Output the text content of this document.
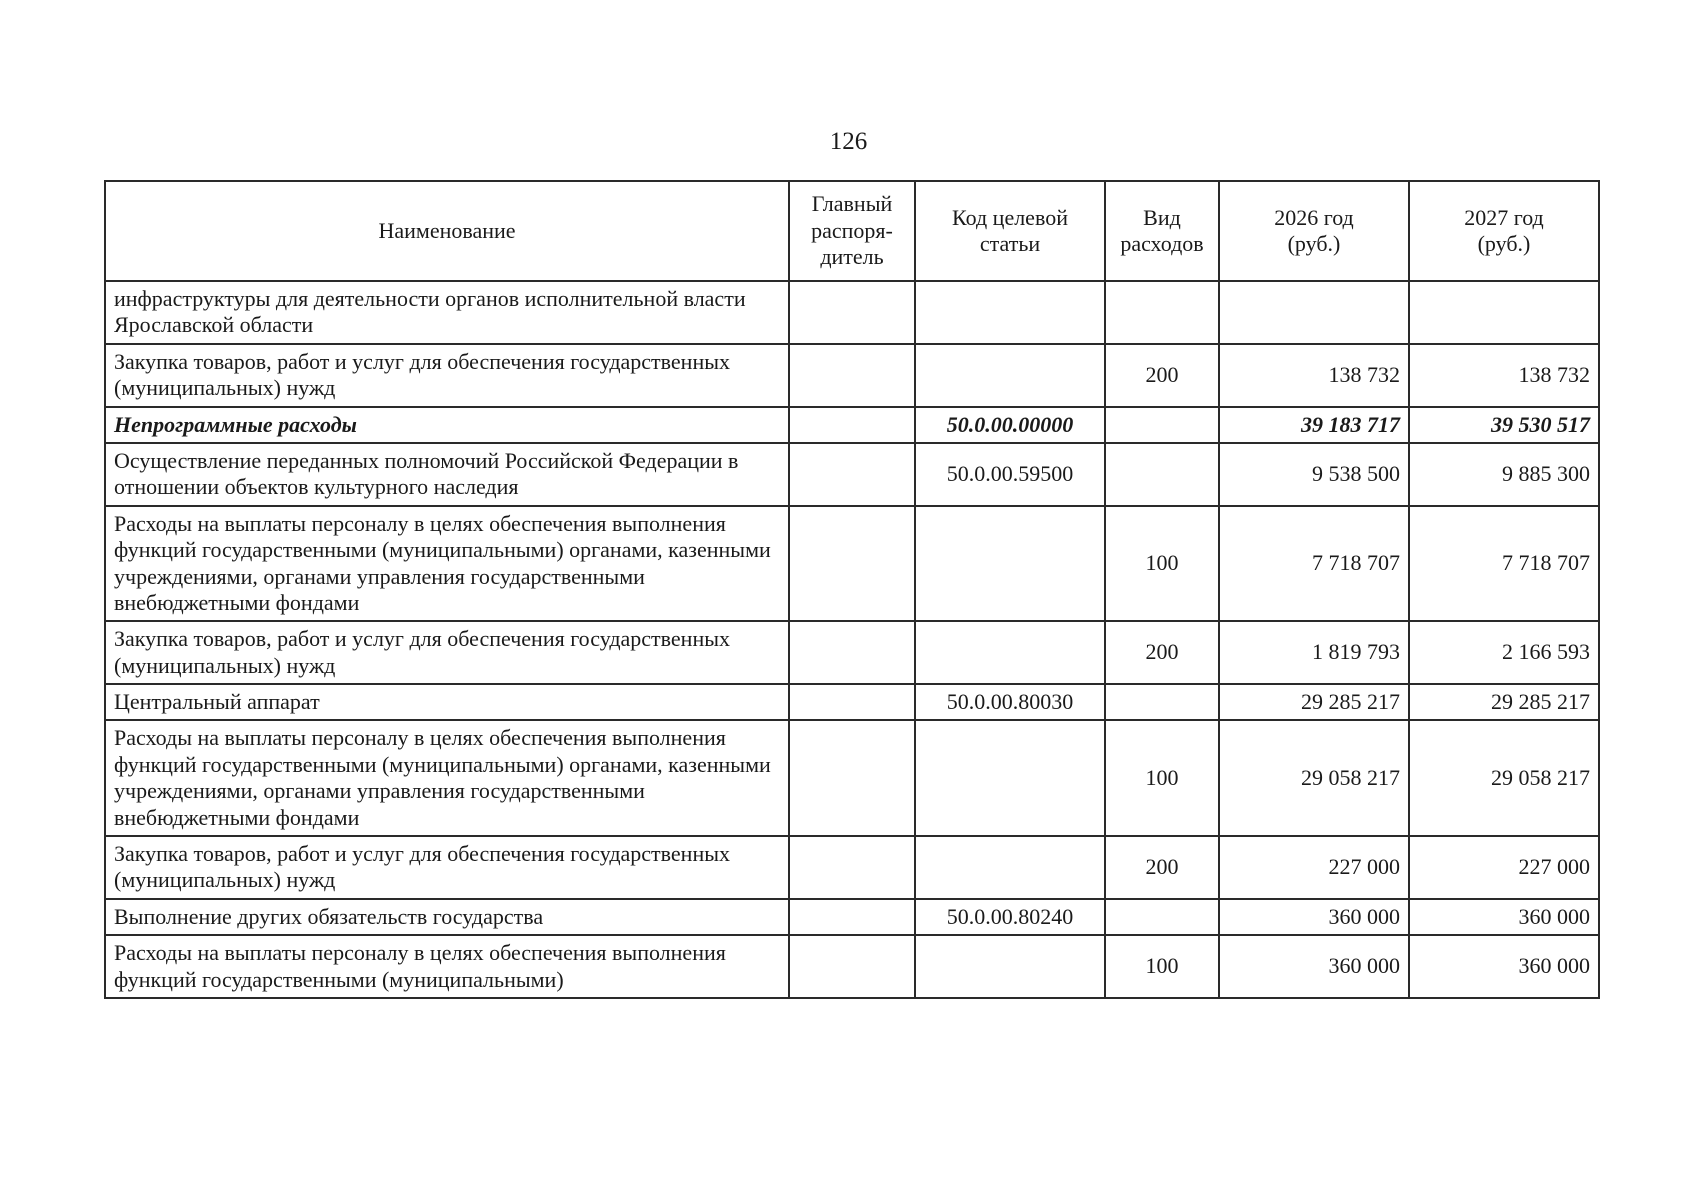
126
Наименование	Главный
распоря-
дитель	Код целевой
статьи	Вид
расходов	2026 год
(руб.)	2027 год
(руб.)
инфраструктуры для деятельности органов исполнительной власти Ярославской области					
Закупка товаров, работ и услуг для обеспечения государственных (муниципальных) нужд			200	138 732	138 732
Непрограммные расходы		50.0.00.00000		39 183 717	39 530 517
Осуществление переданных полномочий Российской Федерации в отношении объектов культурного наследия		50.0.00.59500		9 538 500	9 885 300
Расходы на выплаты персоналу в целях обеспечения выполнения функций государственными (муниципальными) органами, казенными учреждениями, органами управления государственными внебюджетными фондами			100	7 718 707	7 718 707
Закупка товаров, работ и услуг для обеспечения государственных (муниципальных) нужд			200	1 819 793	2 166 593
Центральный аппарат		50.0.00.80030		29 285 217	29 285 217
Расходы на выплаты персоналу в целях обеспечения выполнения функций государственными (муниципальными) органами, казенными учреждениями, органами управления государственными внебюджетными фондами			100	29 058 217	29 058 217
Закупка товаров, работ и услуг для обеспечения государственных (муниципальных) нужд			200	227 000	227 000
Выполнение других обязательств государства		50.0.00.80240		360 000	360 000
Расходы на выплаты персоналу в целях обеспечения выполнения функций государственными (муниципальными)			100	360 000	360 000
